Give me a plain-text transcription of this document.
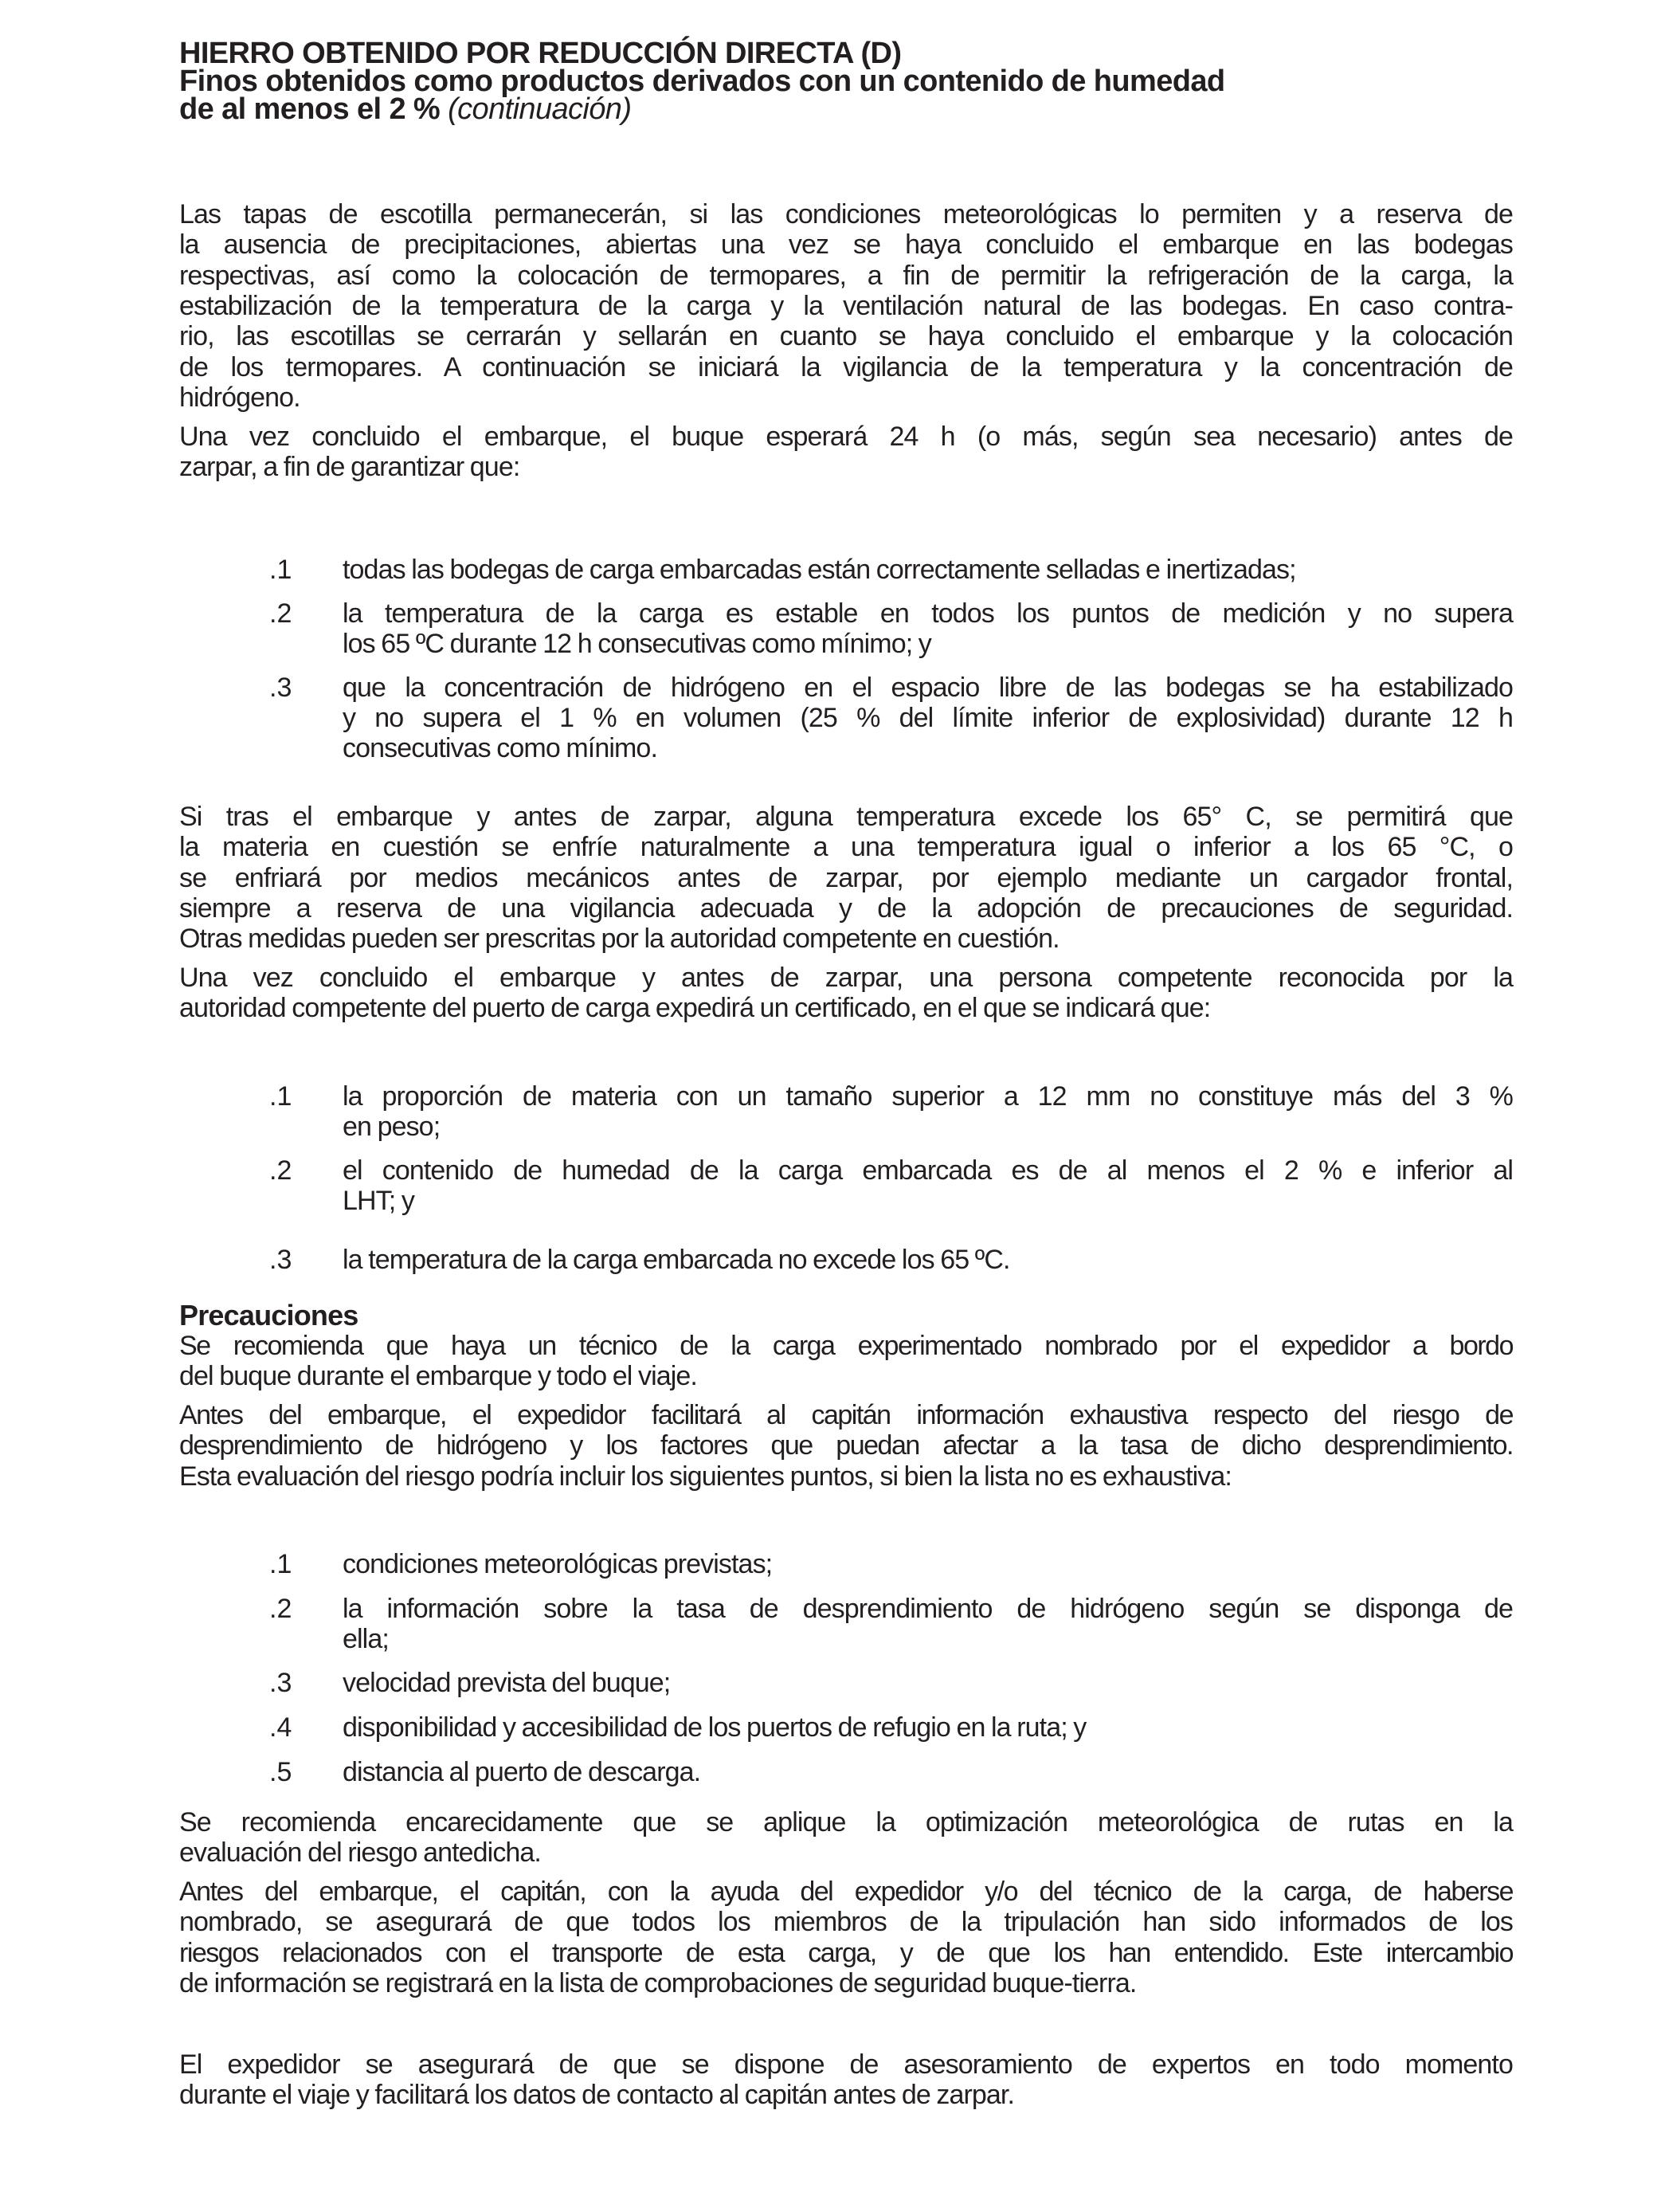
HIERRO OBTENIDO POR REDUCCIÓN DIRECTA (D)
Finos obtenidos como productos derivados con un contenido de humedad
de al menos el 2 % (continuación)
Las tapas de escotilla permanecerán, si las condiciones meteorológicas lo permiten y a reserva de
la ausencia de precipitaciones, abiertas una vez se haya concluido el embarque en las bodegas
respectivas, así como la colocación de termopares, a fin de permitir la refrigeración de la carga, la
estabilización de la temperatura de la carga y la ventilación natural de las bodegas. En caso contra-
rio, las escotillas se cerrarán y sellarán en cuanto se haya concluido el embarque y la colocación
de los termopares. A continuación se iniciará la vigilancia de la temperatura y la concentración de
hidrógeno.
Una vez concluido el embarque, el buque esperará 24 h (o más, según sea necesario) antes de
zarpar, a fin de garantizar que:
.1 todas las bodegas de carga embarcadas están correctamente selladas e inertizadas;
.2 la temperatura de la carga es estable en todos los puntos de medición y no supera
los 65 ºC durante 12 h consecutivas como mínimo; y
.3 que la concentración de hidrógeno en el espacio libre de las bodegas se ha estabilizado
y no supera el 1 % en volumen (25 % del límite inferior de explosividad) durante 12 h
consecutivas como mínimo.
Si tras el embarque y antes de zarpar, alguna temperatura excede los 65° C, se permitirá que
la materia en cuestión se enfríe naturalmente a una temperatura igual o inferior a los 65 °C, o
se enfriará por medios mecánicos antes de zarpar, por ejemplo mediante un cargador frontal,
siempre a reserva de una vigilancia adecuada y de la adopción de precauciones de seguridad.
Otras medidas pueden ser prescritas por la autoridad competente en cuestión.
Una vez concluido el embarque y antes de zarpar, una persona competente reconocida por la
autoridad competente del puerto de carga expedirá un certificado, en el que se indicará que:
.1 la proporción de materia con un tamaño superior a 12 mm no constituye más del 3 %
en peso;
.2 el contenido de humedad de la carga embarcada es de al menos el 2 % e inferior al
LHT; y
.3 la temperatura de la carga embarcada no excede los 65 ºC.
Precauciones
Se recomienda que haya un técnico de la carga experimentado nombrado por el expedidor a bordo
del buque durante el embarque y todo el viaje.
Antes del embarque, el expedidor facilitará al capitán información exhaustiva respecto del riesgo de
desprendimiento de hidrógeno y los factores que puedan afectar a la tasa de dicho desprendimiento.
Esta evaluación del riesgo podría incluir los siguientes puntos, si bien la lista no es exhaustiva:
.1 condiciones meteorológicas previstas;
.2 la información sobre la tasa de desprendimiento de hidrógeno según se disponga de
ella;
.3 velocidad prevista del buque;
.4 disponibilidad y accesibilidad de los puertos de refugio en la ruta; y
.5 distancia al puerto de descarga.
Se recomienda encarecidamente que se aplique la optimización meteorológica de rutas en la
evaluación del riesgo antedicha.
Antes del embarque, el capitán, con la ayuda del expedidor y/o del técnico de la carga, de haberse
nombrado, se asegurará de que todos los miembros de la tripulación han sido informados de los
riesgos relacionados con el transporte de esta carga, y de que los han entendido. Este intercambio
de información se registrará en la lista de comprobaciones de seguridad buque-tierra.
El expedidor se asegurará de que se dispone de asesoramiento de expertos en todo momento
durante el viaje y facilitará los datos de contacto al capitán antes de zarpar.
